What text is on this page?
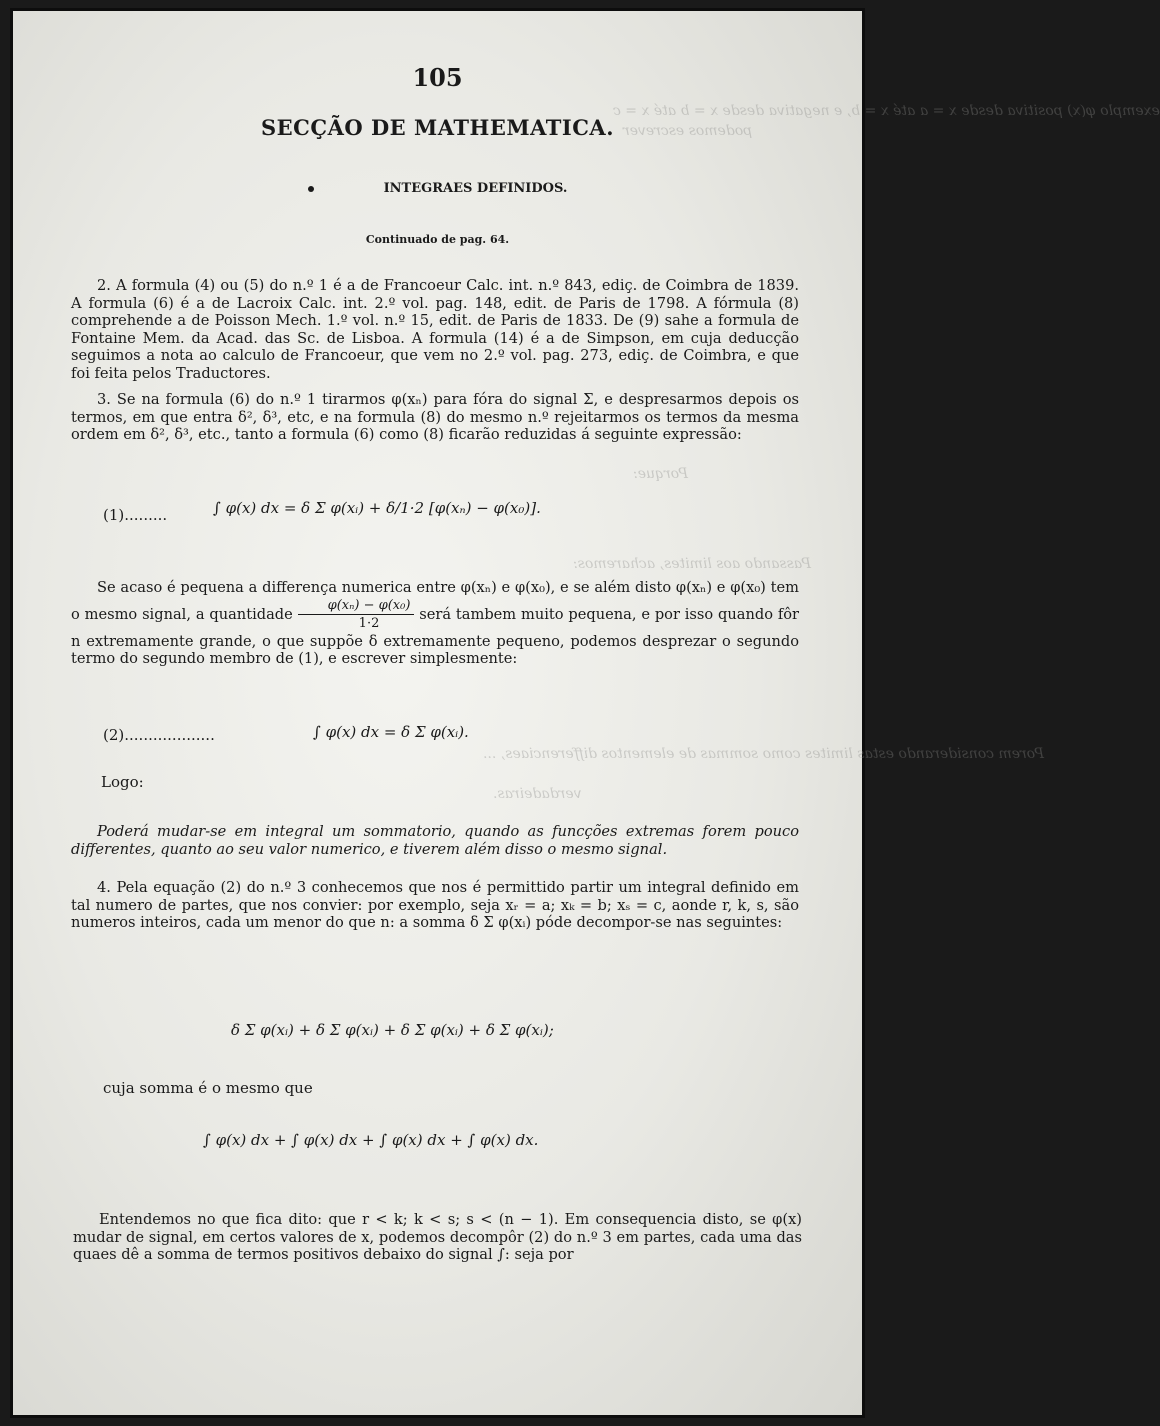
exemplo φ(x) positiva desde x = a até x = b, e negativa desde x = b até x = c
podemos escrever
Porque:
Passando aos limites, acharemos:
Porem considerando estas limites como sommas de elementos differenciaes, ...
verdadeiras.
105
SECÇÃO DE MATHEMATICA.
INTEGRAES DEFINIDOS.
Continuado de pag. 64.

2. A formula (4) ou (5) do n.º 1 é a de Francoeur Calc. int. n.º 843, ediç. de Coimbra de 1839. A formula (6) é a de Lacroix Calc. int. 2.º vol. pag. 148, edit. de Paris de 1798. A fórmula (8) comprehende a de Poisson Mech. 1.º vol. n.º 15, edit. de Paris de 1833. De (9) sahe a formula de Fontaine Mem. da Acad. das Sc. de Lisboa. A formula (14) é a de Simpson, em cuja deducção seguimos a nota ao calculo de Francoeur, que vem no 2.º vol. pag. 273, ediç. de Coimbra, e que foi feita pelos Traductores.

3. Se na formula (6) do n.º 1 tirarmos φ(xₙ) para fóra do signal Σ, e despresarmos depois os termos, em que entra δ², δ³, etc, e na formula (8) do mesmo n.º rejeitarmos os termos da mesma ordem em δ², δ³, etc., tanto a formula (6) como (8) ficarão reduzidas á seguinte expressão:

(1).........	∫ φ(x) dx = δ Σ φ(xᵢ) + δ/1·2 [φ(xₙ) − φ(x₀)].

Se acaso é pequena a differença numerica entre φ(xₙ) e φ(x₀), e se além disto φ(xₙ) e φ(x₀) tem o mesmo signal, a quantidade $\frac{\text{φ(xₙ) − φ(x₀)}}{1\cdot 2}$ será tambem muito pequena, e por isso quando fôr n extremamente grande, o que suppõe δ extremamente pequeno, podemos desprezar o segundo termo do segundo membro de (1), e escrever simplesmente:

(2)...................	∫ φ(x) dx = δ Σ φ(xᵢ).
Logo:

Poderá mudar-se em integral um sommatorio, quando as funcções extremas forem pouco differentes, quanto ao seu valor numerico, e tiverem além disso o mesmo signal.

4. Pela equação (2) do n.º 3 conhecemos que nos é permittido partir um integral definido em tal numero de partes, que nos convier: por exemplo, seja xᵣ = a; xₖ = b; xₛ = c, aonde r, k, s, são numeros inteiros, cada um menor do que n: a somma δ Σ φ(xᵢ) póde decompor-se nas seguintes:

δ Σ φ(xᵢ) + δ Σ φ(xᵢ) + δ Σ φ(xᵢ) + δ Σ φ(xᵢ);
cuja somma é o mesmo que
∫ φ(x) dx + ∫ φ(x) dx + ∫ φ(x) dx + ∫ φ(x) dx.

Entendemos no que fica dito: que r < k; k < s; s < (n − 1). Em consequencia disto, se φ(x) mudar de signal, em certos valores de x, podemos decompôr (2) do n.º 3 em partes, cada uma das quaes dê a somma de termos positivos debaixo do signal ∫: seja por
